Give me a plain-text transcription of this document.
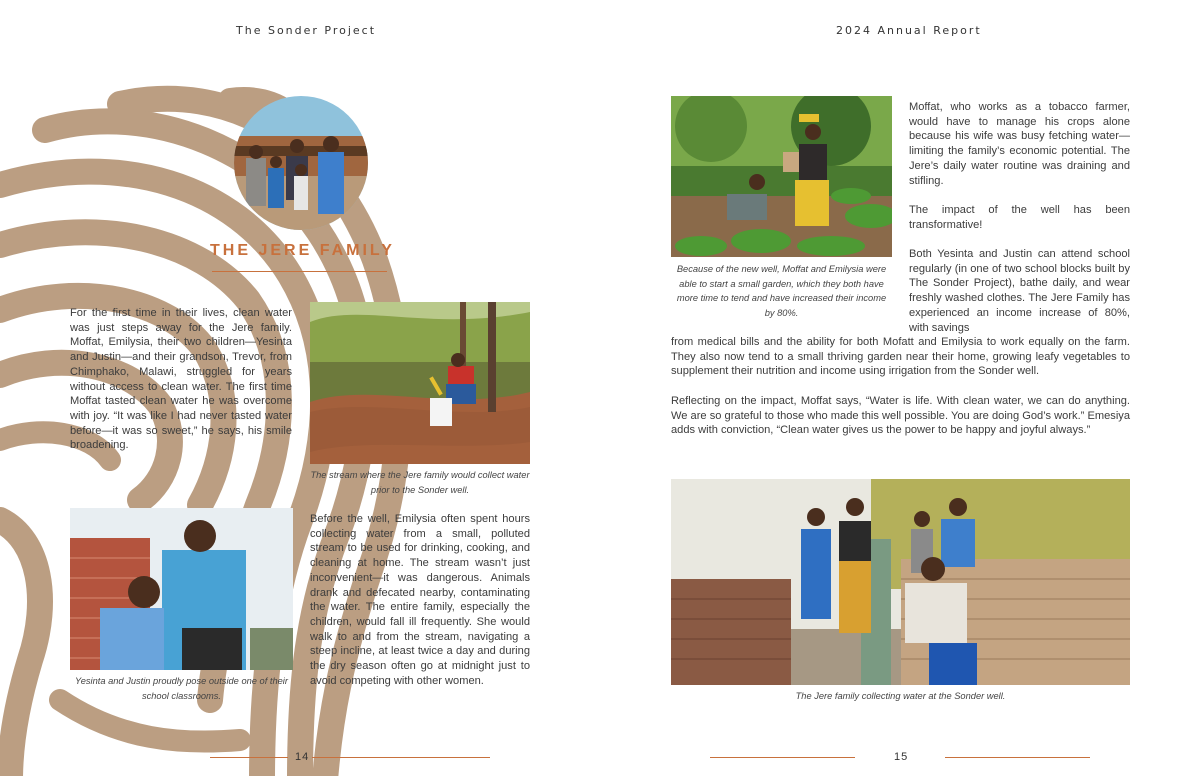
The Sonder Project
THE JERE FAMILY

For the first time in their lives, clean water was just steps away for the Jere family. Moffat, Emilysia, their two children—Yesinta and Justin—and their grandson, Trevor, from Chimphako, Malawi, struggled for years without access to clean water. The first time Moffat tasted clean water he was overcome with joy. “It was like I had never tasted water before—it was so sweet,” he says, his smile broadening.

The stream where the Jere family would collect water prior to the Sonder well.

Before the well, Emilysia often spent hours collecting water from a small, polluted stream to be used for drinking, cooking, and cleaning at home. The stream wasn’t just inconvenient—it was dangerous. Animals drank and defecated nearby, contaminating the water. The entire family, especially the children, would fall ill frequently. She would walk to and from the stream, navigating a steep incline, at least twice a day and during the dry season often go at midnight just to avoid competing with other women.

Yesinta and Justin proudly pose outside one of their school classrooms.
14
2024 Annual Report
Because of the new well, Moffat and Emilysia were able to start a small garden, which they both have more time to tend and have increased their income by 80%.

Moffat, who works as a tobacco farmer, would have to manage his crops alone because his wife was busy fetching water—limiting the family’s economic potential. The Jere’s daily water routine was draining and stifling.

The impact of the well has been transformative!

Both Yesinta and Justin can attend school regularly (in one of two school blocks built by The Sonder Project), bathe daily, and wear freshly washed clothes. The Jere Family has experienced an income increase of 80%, with savings

from medical bills and the ability for both Mofatt and Emilysia to work equally on the farm. They also now tend to a small thriving garden near their home, growing leafy vegetables to supplement their nutrition and income using irrigation from the Sonder well.

Reflecting on the impact, Moffat says, “Water is life. With clean water, we can do anything. We are so grateful to those who made this well possible. You are doing God’s work.” Emesiya adds with conviction, “Clean water gives us the power to be happy and joyful always.”

The Jere family collecting water at the Sonder well.
15
